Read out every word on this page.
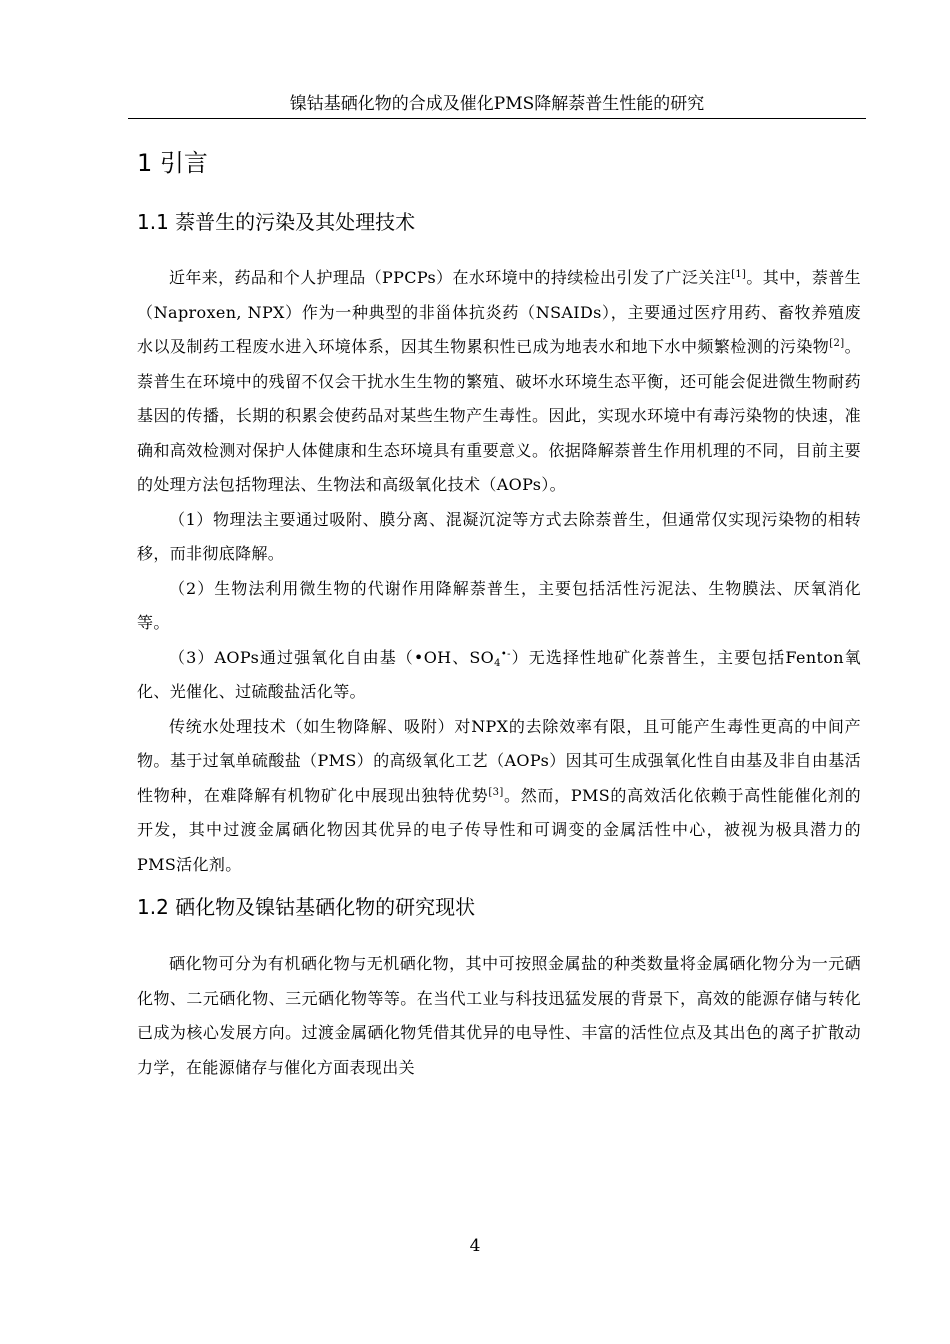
镍钴基硒化物的合成及催化PMS降解萘普生性能的研究
1 引言
1.1 萘普生的污染及其处理技术

近年来，药品和个人护理品（PPCPs）在水环境中的持续检出引发了广泛关注[1]。其中，萘普生（Naproxen, NPX）作为一种典型的非甾体抗炎药（NSAIDs），主要通过医疗用药、畜牧养殖废水以及制药工程废水进入环境体系，因其生物累积性已成为地表水和地下水中频繁检测的污染物[2]。萘普生在环境中的残留不仅会干扰水生生物的繁殖、破坏水环境生态平衡，还可能会促进微生物耐药基因的传播，长期的积累会使药品对某些生物产生毒性。因此，实现水环境中有毒污染物的快速，准确和高效检测对保护人体健康和生态环境具有重要意义。依据降解萘普生作用机理的不同，目前主要的处理方法包括物理法、生物法和高级氧化技术（AOPs）。

（1）物理法主要通过吸附、膜分离、混凝沉淀等方式去除萘普生，但通常仅实现污染物的相转移，而非彻底降解。

（2）生物法利用微生物的代谢作用降解萘普生，主要包括活性污泥法、生物膜法、厌氧消化等。

（3）AOPs通过强氧化自由基（•OH、$SO_4^{•-}$）无选择性地矿化萘普生，主要包括Fenton氧化、光催化、过硫酸盐活化等。

传统水处理技术（如生物降解、吸附）对NPX的去除效率有限，且可能产生毒性更高的中间产物。基于过氧单硫酸盐（PMS）的高级氧化工艺（AOPs）因其可生成强氧化性自由基及非自由基活性物种，在难降解有机物矿化中展现出独特优势[3]。然而，PMS的高效活化依赖于高性能催化剂的开发，其中过渡金属硒化物因其优异的电子传导性和可调变的金属活性中心，被视为极具潜力的PMS活化剂。

1.2 硒化物及镍钴基硒化物的研究现状

硒化物可分为有机硒化物与无机硒化物，其中可按照金属盐的种类数量将金属硒化物分为一元硒化物、二元硒化物、三元硒化物等等。在当代工业与科技迅猛发展的背景下，高效的能源存储与转化已成为核心发展方向。过渡金属硒化物凭借其优异的电导性、丰富的活性位点及其出色的离子扩散动力学，在能源储存与催化方面表现出关

4
